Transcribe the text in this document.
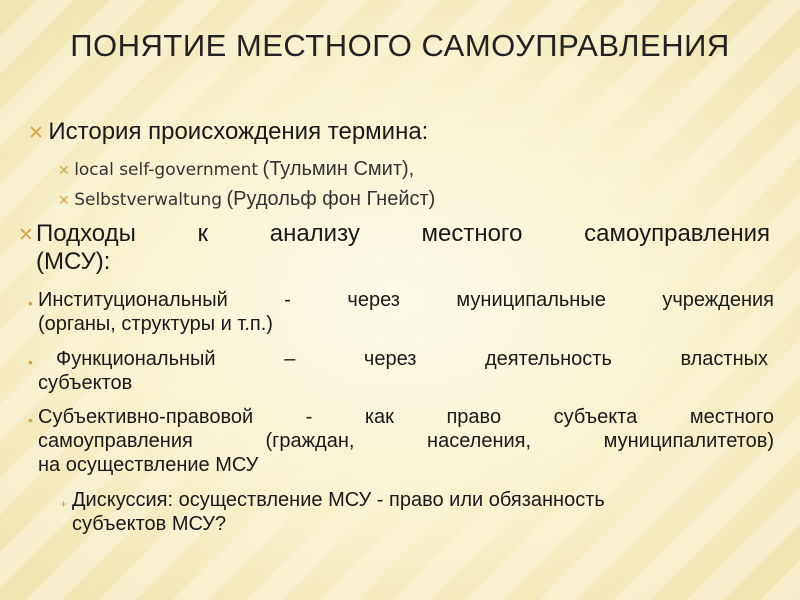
ПОНЯТИЕ МЕСТНОГО САМОУПРАВЛЕНИЯ
✕ История происхождения термина:
✕ local self-government (Тульмин Смит),
✕ Selbstverwaltung (Рудольф фон Гнейст)
✕ Подходы к анализу местного самоуправления
(МСУ):
• Институциональный - через муниципальные учреждения
(органы, структуры и т.п.)
•	Функциональный – через деятельность властных
субъектов
• Субъективно-правовой - как право субъекта местного
самоуправления (граждан, населения, муниципалитетов)
на осуществление МСУ
+ Дискуссия: осуществление МСУ - право или обязанность
субъектов МСУ?
